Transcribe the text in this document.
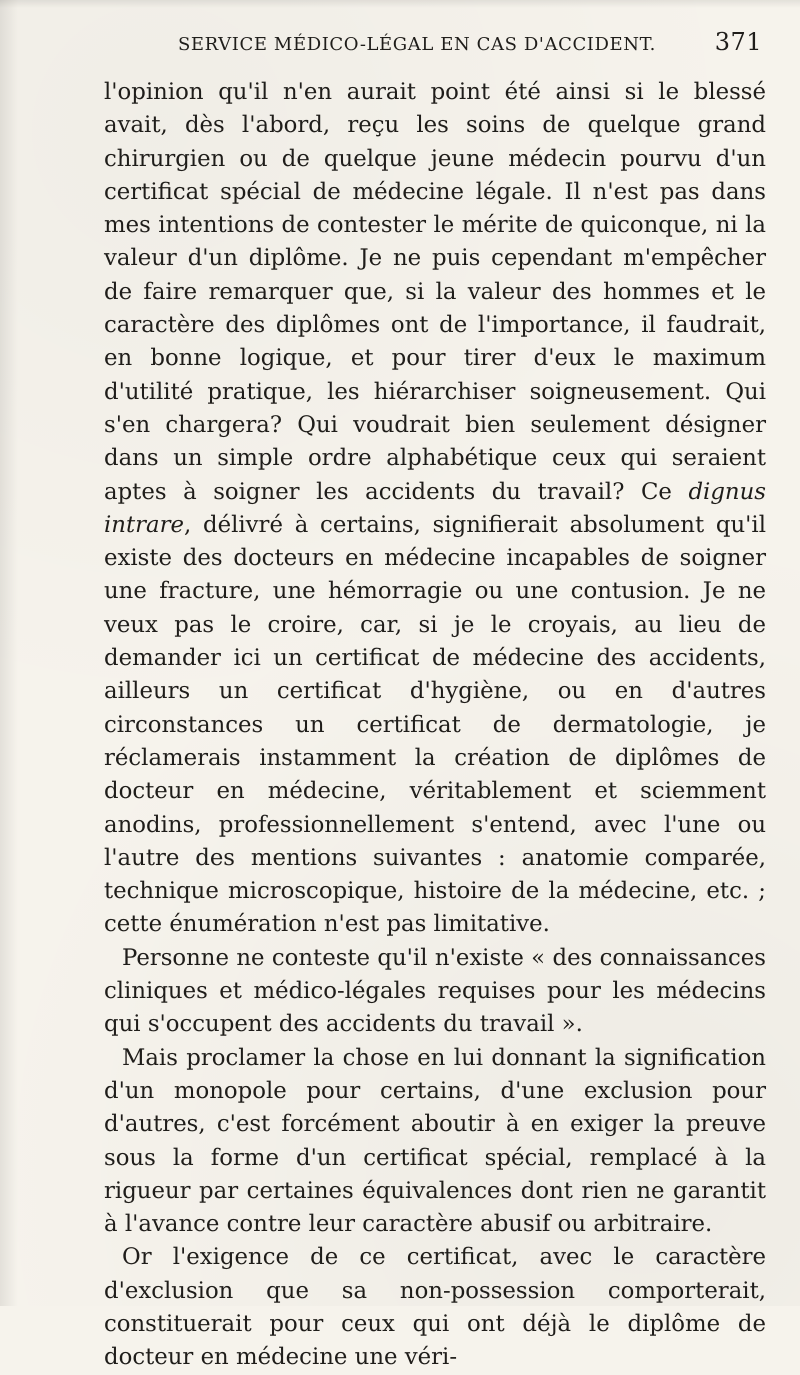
SERVICE MÉDICO-LÉGAL EN CAS D'ACCIDENT. 371

l'opinion qu'il n'en aurait point été ainsi si le blessé avait, dès l'abord, reçu les soins de quelque grand chirurgien ou de quelque jeune médecin pourvu d'un certificat spécial de médecine légale. Il n'est pas dans mes intentions de contester le mérite de quiconque, ni la valeur d'un diplôme. Je ne puis cependant m'empêcher de faire remarquer que, si la valeur des hommes et le caractère des diplômes ont de l'importance, il faudrait, en bonne logique, et pour tirer d'eux le maximum d'utilité pratique, les hiérarchiser soigneusement. Qui s'en chargera? Qui voudrait bien seulement désigner dans un simple ordre alphabétique ceux qui seraient aptes à soigner les accidents du travail? Ce dignus intrare, délivré à certains, signifierait absolument qu'il existe des docteurs en médecine incapables de soigner une fracture, une hémorragie ou une contusion. Je ne veux pas le croire, car, si je le croyais, au lieu de demander ici un certificat de médecine des accidents, ailleurs un certificat d'hygiène, ou en d'autres circonstances un certificat de dermatologie, je réclamerais instamment la création de diplômes de docteur en médecine, véritablement et sciemment anodins, professionnellement s'entend, avec l'une ou l'autre des mentions suivantes : anatomie comparée, technique microscopique, histoire de la médecine, etc. ; cette énumération n'est pas limitative.

Personne ne conteste qu'il n'existe « des connaissances cliniques et médico-légales requises pour les médecins qui s'occupent des accidents du travail ».

Mais proclamer la chose en lui donnant la signification d'un monopole pour certains, d'une exclusion pour d'autres, c'est forcément aboutir à en exiger la preuve sous la forme d'un certificat spécial, remplacé à la rigueur par certaines équivalences dont rien ne garantit à l'avance contre leur caractère abusif ou arbitraire.

Or l'exigence de ce certificat, avec le caractère d'exclusion que sa non-possession comporterait, constituerait pour ceux qui ont déjà le diplôme de docteur en médecine une véri-
